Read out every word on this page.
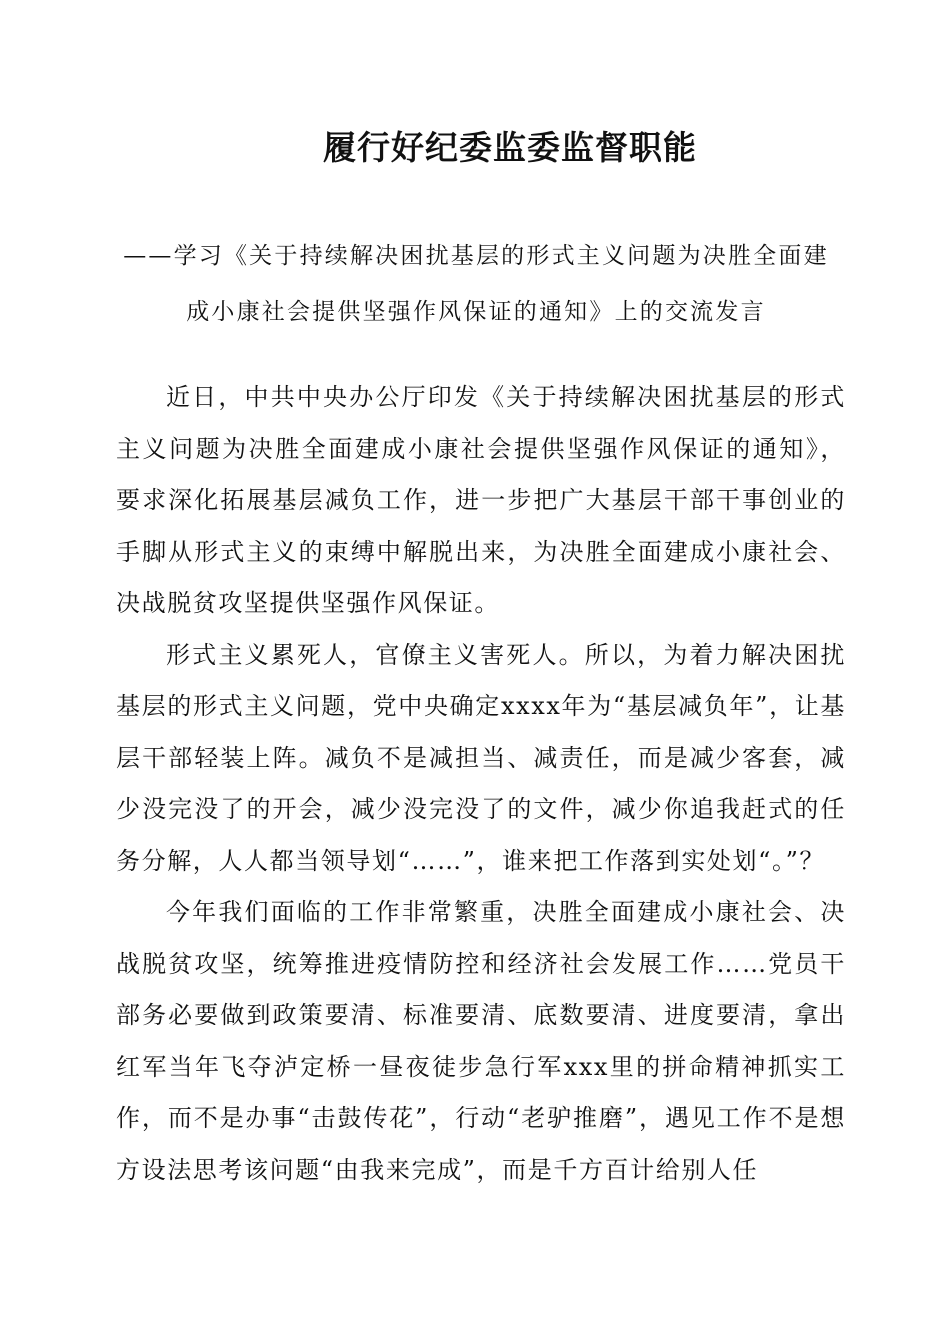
履行好纪委监委监督职能
——学习《关于持续解决困扰基层的形式主义问题为决胜全面建
成小康社会提供坚强作风保证的通知》上的交流发言

近日，中共中央办公厅印发《关于持续解决困扰基层的形式主义问题为决胜全面建成小康社会提供坚强作风保证的通知》，要求深化拓展基层减负工作，进一步把广大基层干部干事创业的手脚从形式主义的束缚中解脱出来，为决胜全面建成小康社会、决战脱贫攻坚提供坚强作风保证。

形式主义累死人，官僚主义害死人。所以，为着力解决困扰基层的形式主义问题，党中央确定xxxx年为“基层减负年”，让基层干部轻装上阵。减负不是减担当、减责任，而是减少客套，减少没完没了的开会，减少没完没了的文件，减少你追我赶式的任务分解，人人都当领导划“……”，谁来把工作落到实处划“。”？

今年我们面临的工作非常繁重，决胜全面建成小康社会、决战脱贫攻坚，统筹推进疫情防控和经济社会发展工作……党员干部务必要做到政策要清、标准要清、底数要清、进度要清，拿出红军当年飞夺泸定桥一昼夜徒步急行军xxx里的拼命精神抓实工作，而不是办事“击鼓传花”，行动“老驴推磨”，遇见工作不是想方设法思考该问题“由我来完成”，而是千方百计给别人任
